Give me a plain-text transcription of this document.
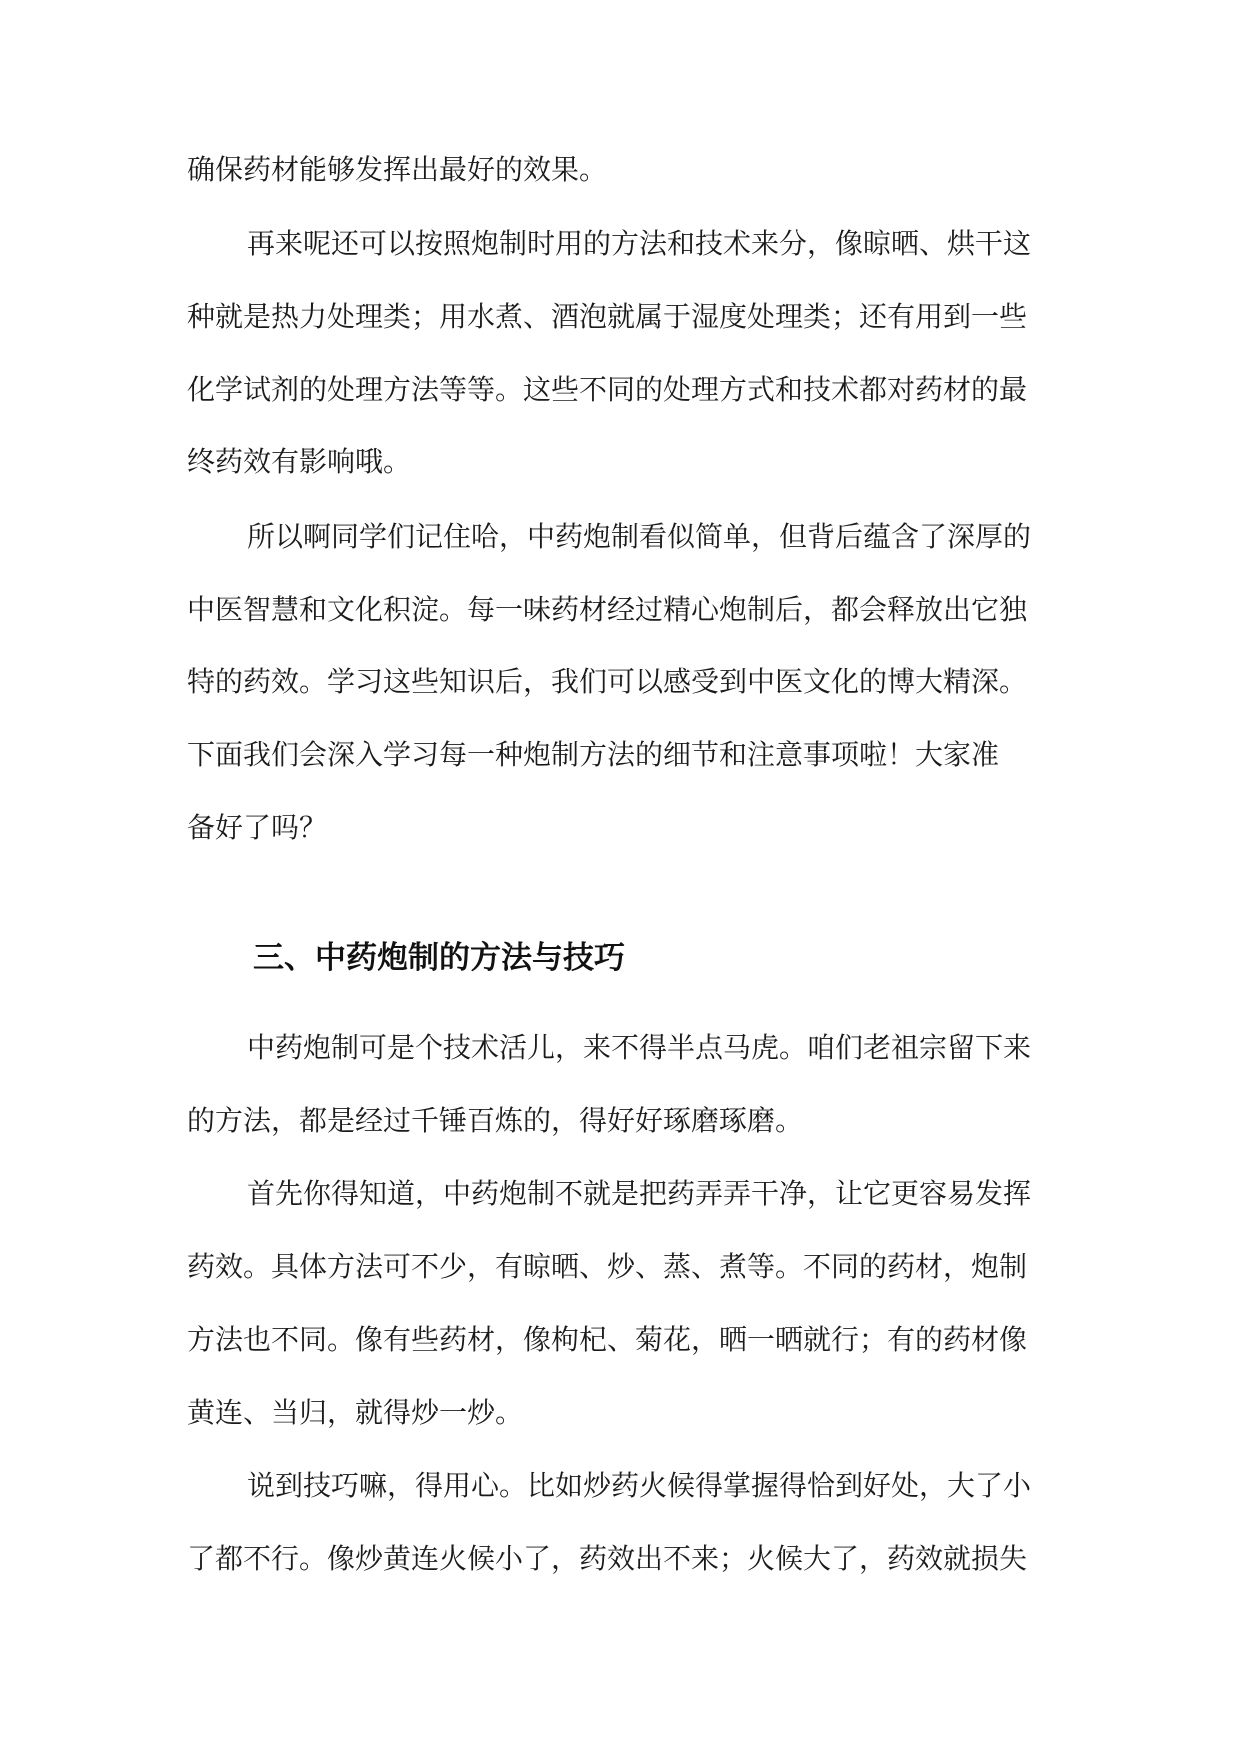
确保药材能够发挥出最好的效果。

再来呢还可以按照炮制时用的方法和技术来分，像晾晒、烘干这

种就是热力处理类；用水煮、酒泡就属于湿度处理类；还有用到一些

化学试剂的处理方法等等。这些不同的处理方式和技术都对药材的最

终药效有影响哦。

所以啊同学们记住哈，中药炮制看似简单，但背后蕴含了深厚的

中医智慧和文化积淀。每一味药材经过精心炮制后，都会释放出它独

特的药效。学习这些知识后，我们可以感受到中医文化的博大精深。

下面我们会深入学习每一种炮制方法的细节和注意事项啦！大家准

备好了吗？

三、中药炮制的方法与技巧

中药炮制可是个技术活儿，来不得半点马虎。咱们老祖宗留下来

的方法，都是经过千锤百炼的，得好好琢磨琢磨。

首先你得知道，中药炮制不就是把药弄弄干净，让它更容易发挥

药效。具体方法可不少，有晾晒、炒、蒸、煮等。不同的药材，炮制

方法也不同。像有些药材，像枸杞、菊花，晒一晒就行；有的药材像

黄连、当归，就得炒一炒。

说到技巧嘛，得用心。比如炒药火候得掌握得恰到好处，大了小

了都不行。像炒黄连火候小了，药效出不来；火候大了，药效就损失
